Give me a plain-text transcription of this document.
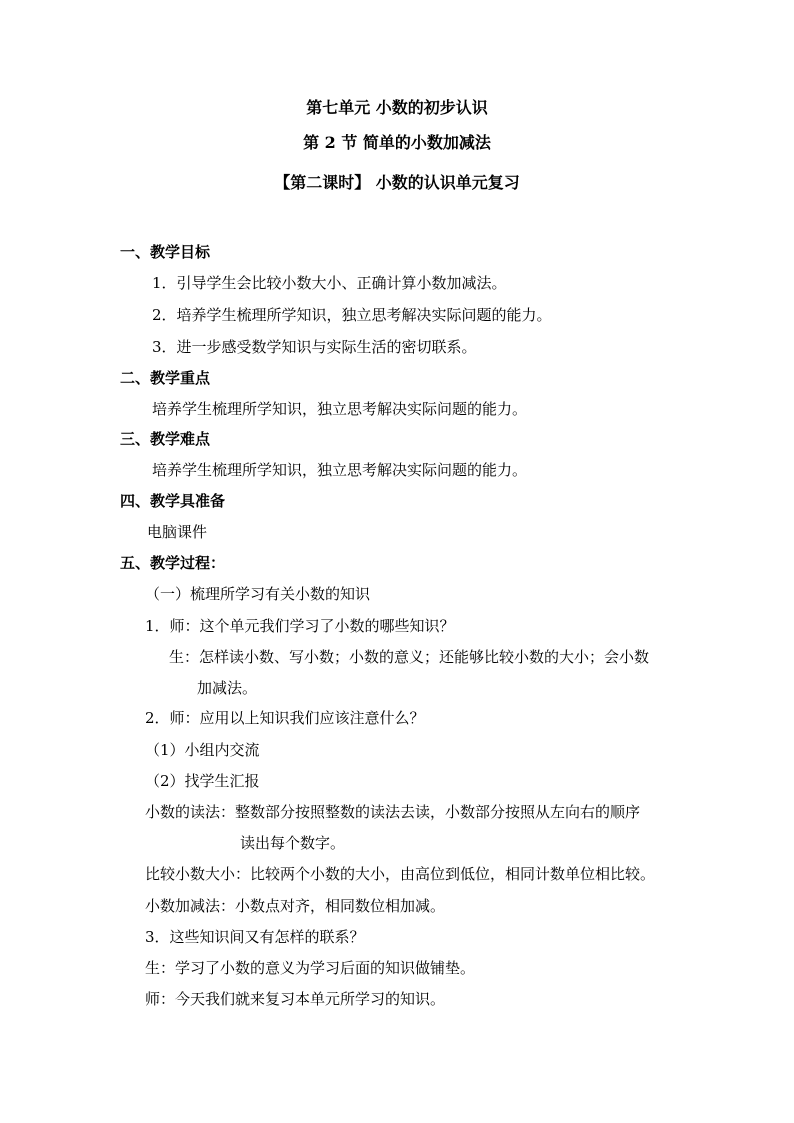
第七单元 小数的初步认识
第 2 节 简单的小数加减法
【第二课时】 小数的认识单元复习
一、教学目标
1．引导学生会比较小数大小、正确计算小数加减法。
2．培养学生梳理所学知识，独立思考解决实际问题的能力。
3．进一步感受数学知识与实际生活的密切联系。
二、教学重点
培养学生梳理所学知识，独立思考解决实际问题的能力。
三、教学难点
培养学生梳理所学知识，独立思考解决实际问题的能力。
四、教学具准备
电脑课件
五、教学过程：
（一）梳理所学习有关小数的知识
1．师：这个单元我们学习了小数的哪些知识？
生：怎样读小数、写小数；小数的意义；还能够比较小数的大小；会小数
加减法。
2．师：应用以上知识我们应该注意什么？
（1）小组内交流
（2）找学生汇报
小数的读法：整数部分按照整数的读法去读，小数部分按照从左向右的顺序
读出每个数字。
比较小数大小：比较两个小数的大小，由高位到低位，相同计数单位相比较。
小数加减法：小数点对齐，相同数位相加减。
3．这些知识间又有怎样的联系？
生：学习了小数的意义为学习后面的知识做铺垫。
师：今天我们就来复习本单元所学习的知识。
